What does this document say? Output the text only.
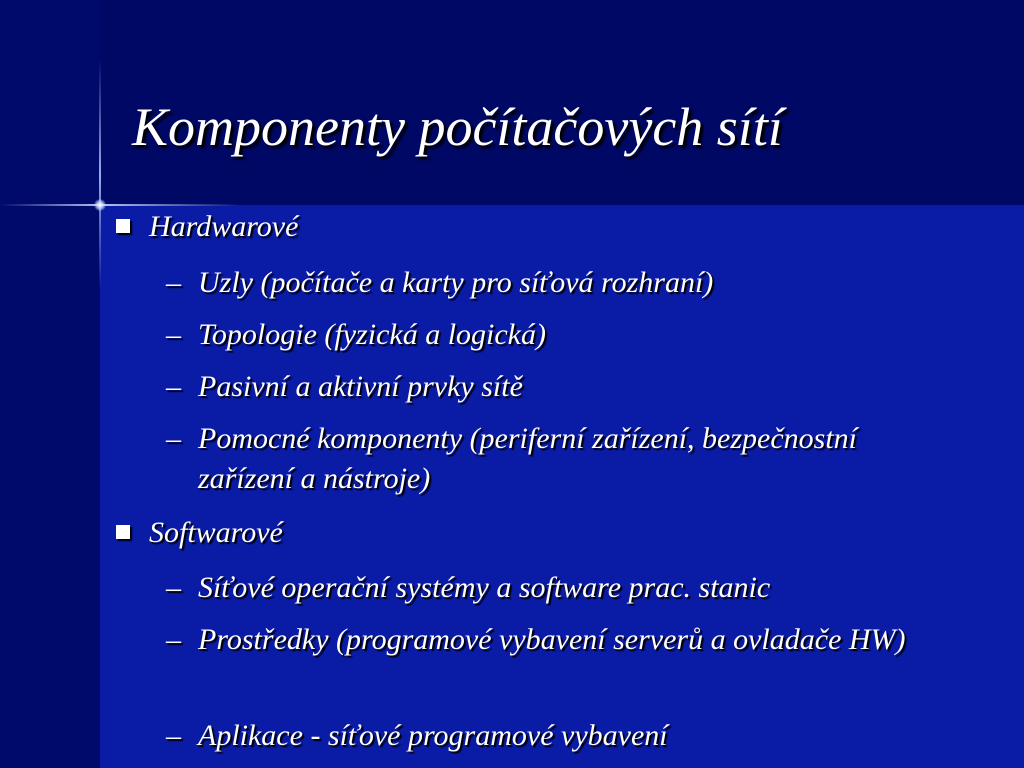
Komponenty počítačových sítí
Hardwarové
– Uzly (počítače a karty pro síťová rozhraní)
– Topologie (fyzická a logická)
– Pasivní a aktivní prvky sítě
– Pomocné komponenty (periferní zařízení, bezpečnostní zařízení a nástroje)
Softwarové
– Síťové operační systémy a software prac. stanic
– Prostředky (programové vybavení serverů a ovladače HW)
– Aplikace - síťové programové vybavení
